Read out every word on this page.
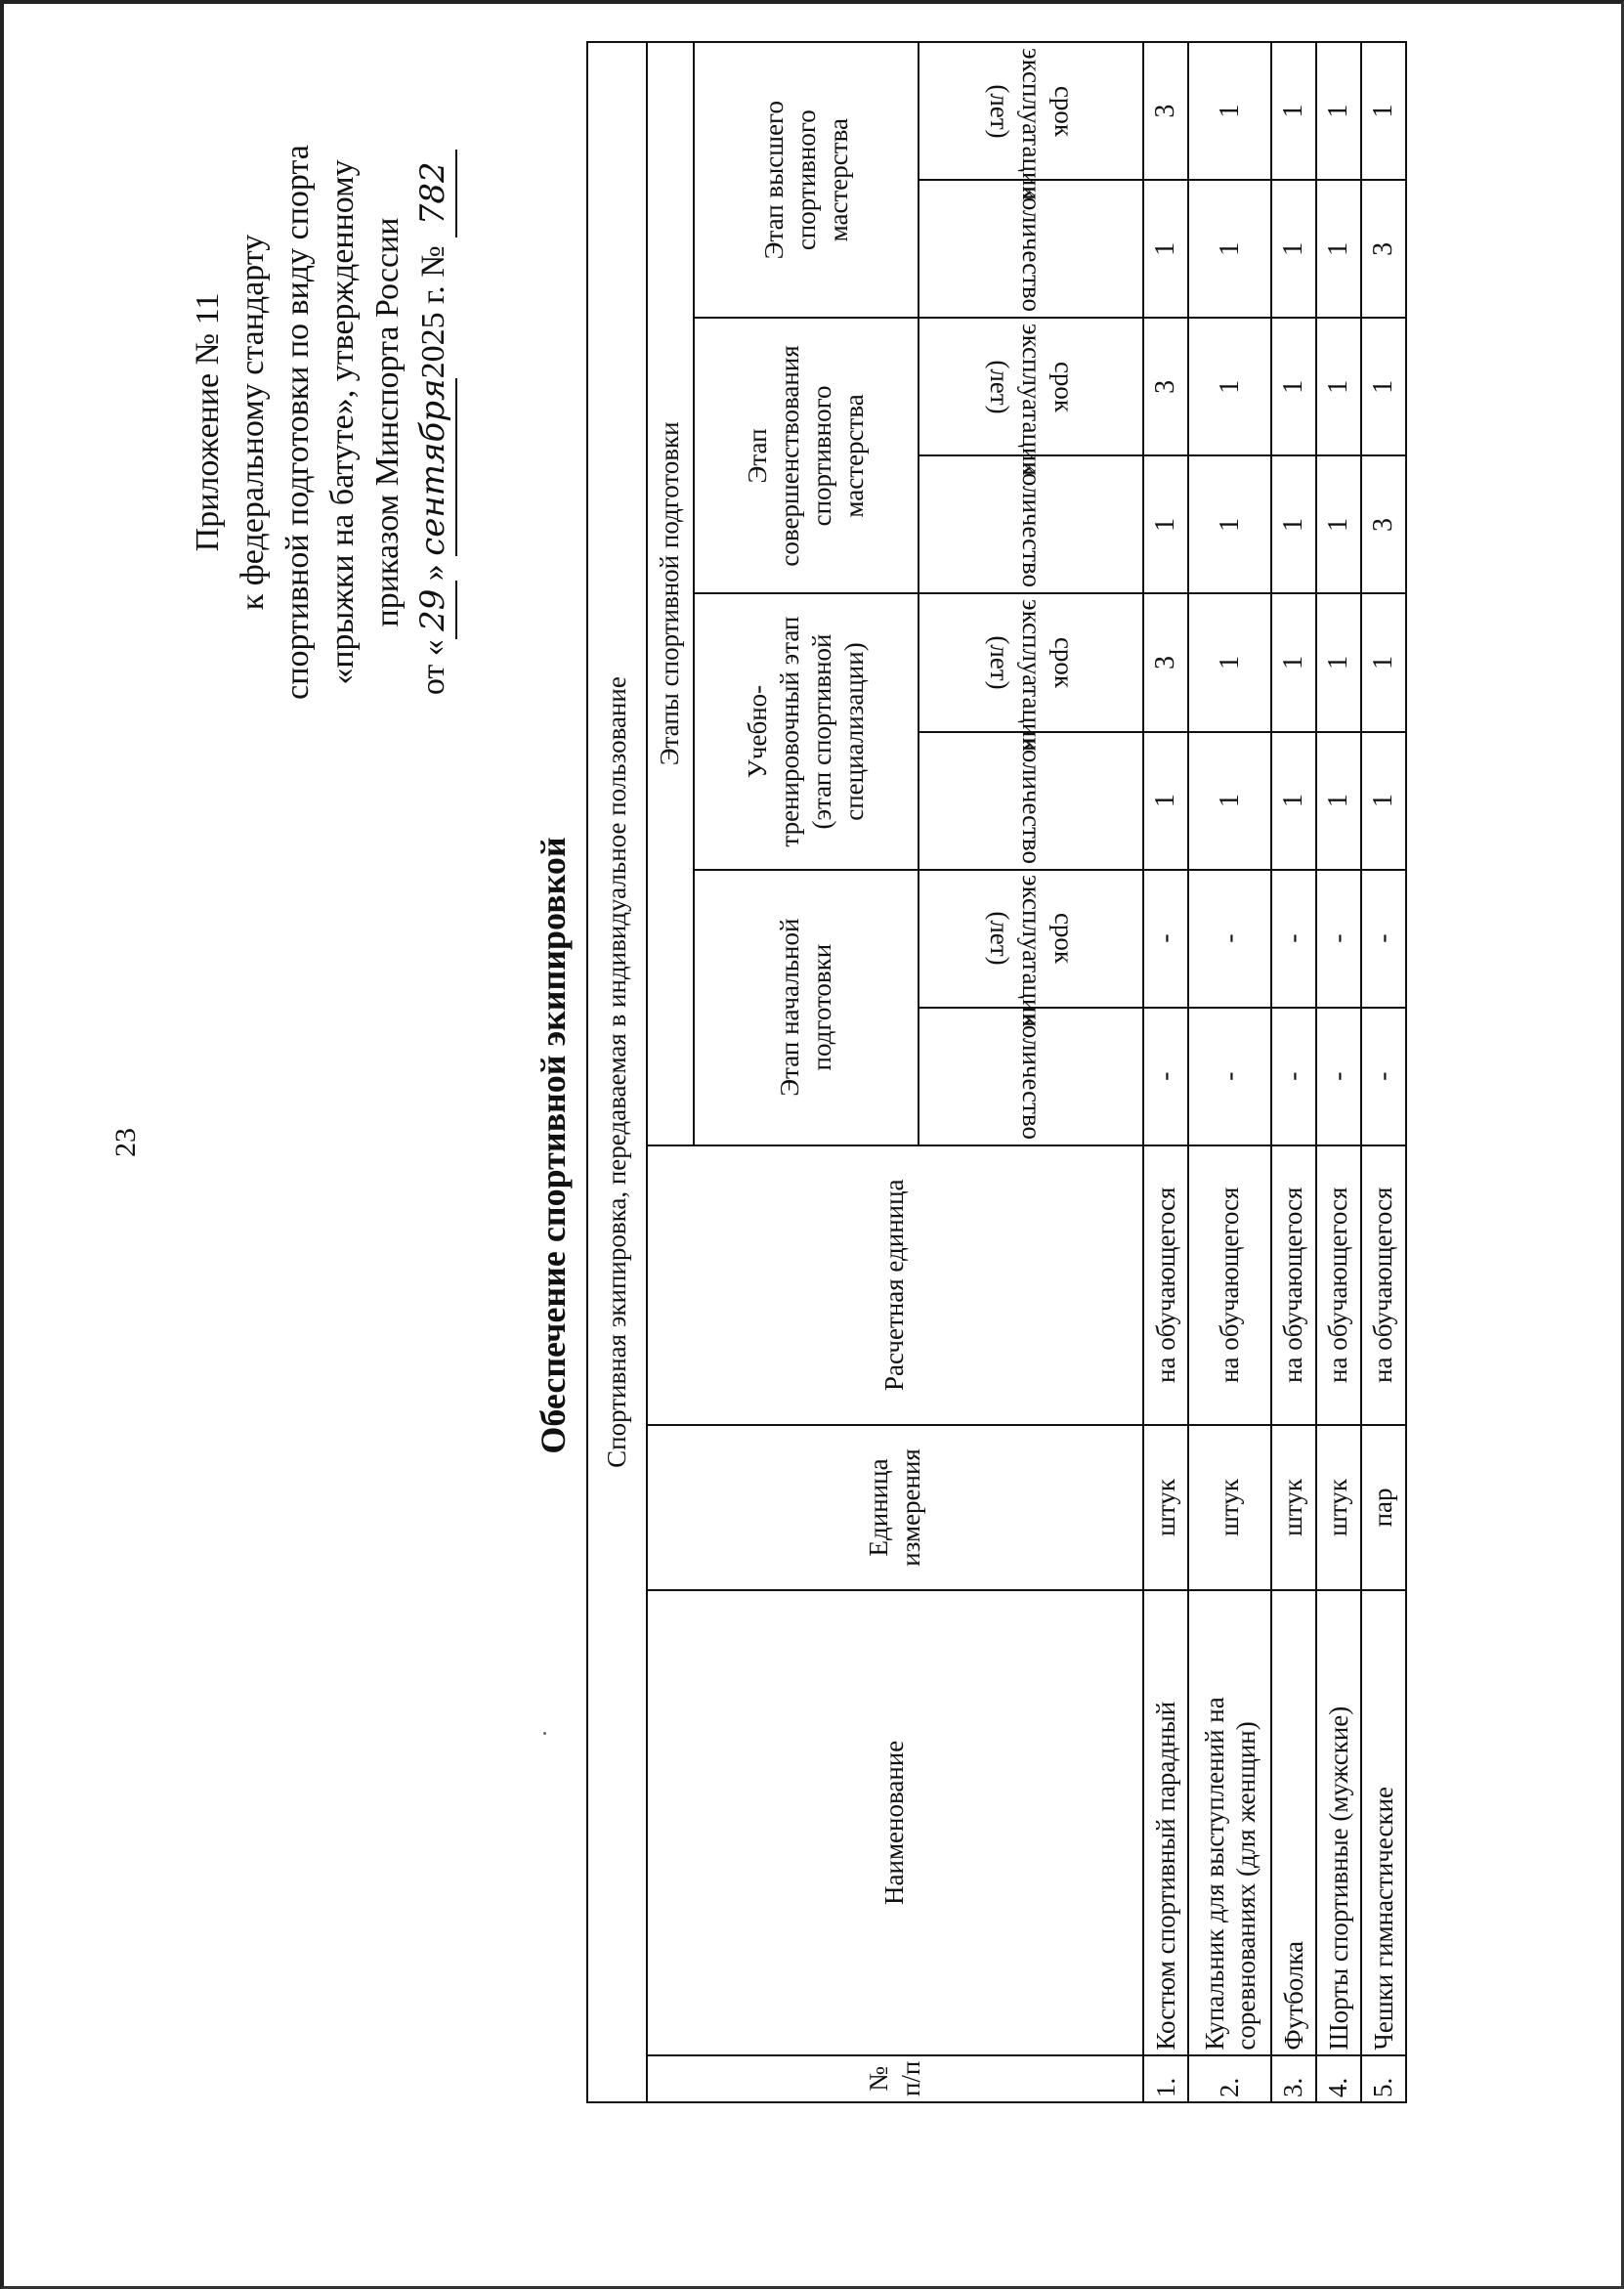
23
Приложение № 11 к федеральному стандарту спортивной подготовки по виду спорта «прыжки на батуте», утвержденному приказом Минспорта России
от «29» сентября2025 г. № 782
Обеспечение спортивной экипировкой Спортивная экипировка, передаваемая в индивидуальное пользование											
№ п/п	Наименование	Единица измерения	Расчетная единица	Этапы спортивной подготовки							
				Этап начальной подготовки		Учебно-тренировочный этап (этап спортивной специализации)		Этап совершенствования спортивного мастерства		Этап высшего спортивного мастерства	
				количество	срок эксплуатации (лет)	количество	срок эксплуатации (лет)	количество	срок эксплуатации (лет)	количество	срок эксплуатации (лет)
1.	Костюм спортивный парадный	штук	на обучающегося	-	-	1	3	1	3	1	3
2.	Купальник для выступлений на соревнованиях (для женщин)	штук	на обучающегося	-	-	1	1	1	1	1	1
3.	Футболка	штук	на обучающегося	-	-	1	1	1	1	1	1
4.	Шорты спортивные (мужские)	штук	на обучающегося	-	-	1	1	1	1	1	1
5.	Чешки гимнастические	пар	на обучающегося	-	-	1	1	3	1	3	1
